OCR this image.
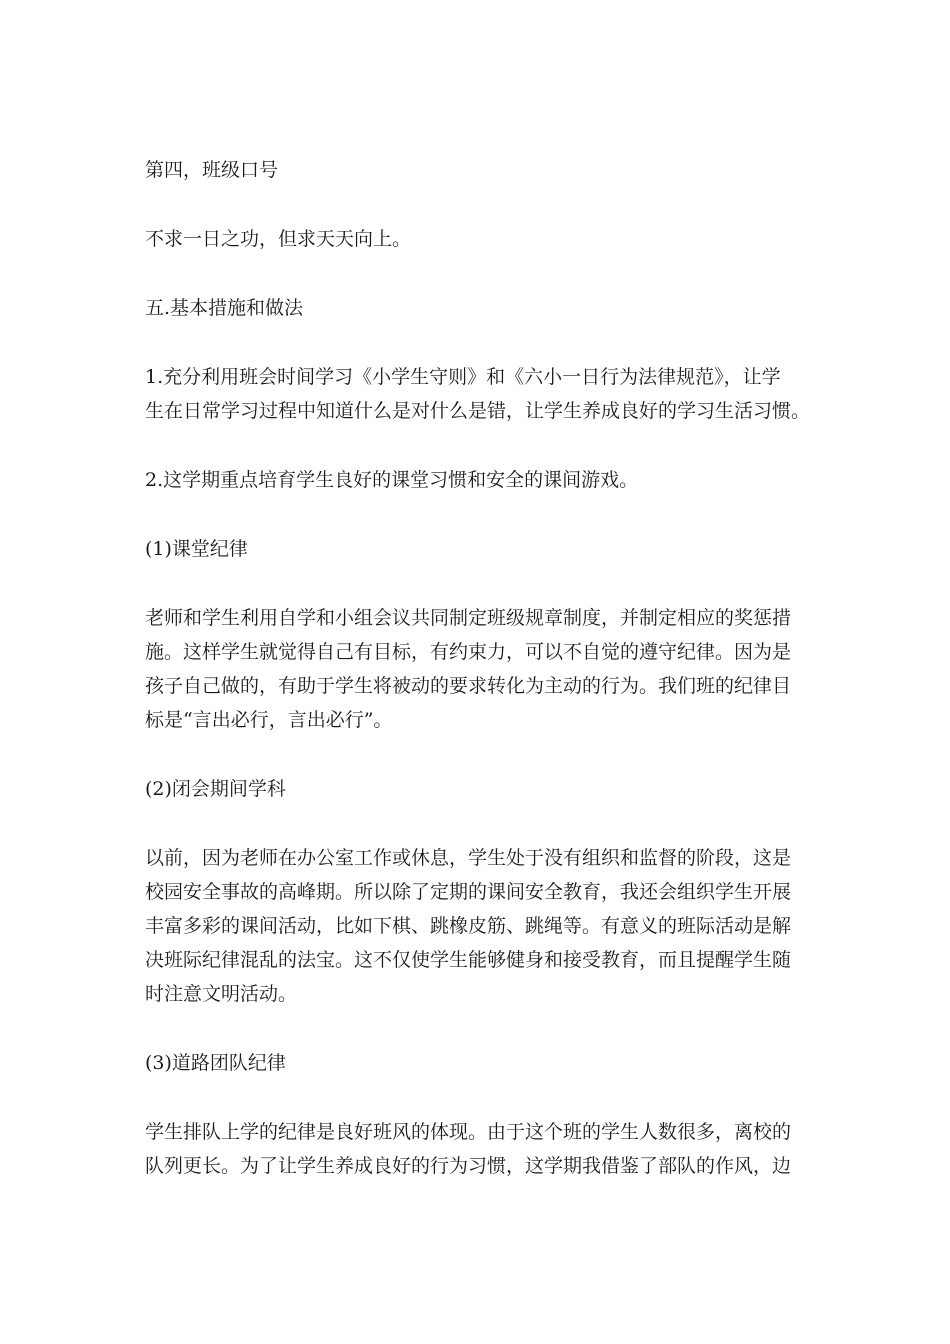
第四，班级口号

不求一日之功，但求天天向上。

五.基本措施和做法

1.充分利用班会时间学习《小学生守则》和《六小一日行为法律规范》，让学
生在日常学习过程中知道什么是对什么是错，让学生养成良好的学习生活习惯。

2.这学期重点培育学生良好的课堂习惯和安全的课间游戏。

(1)课堂纪律

老师和学生利用自学和小组会议共同制定班级规章制度，并制定相应的奖惩措
施。这样学生就觉得自己有目标，有约束力，可以不自觉的遵守纪律。因为是
孩子自己做的，有助于学生将被动的要求转化为主动的行为。我们班的纪律目
标是“言出必行，言出必行”。

(2)闭会期间学科

以前，因为老师在办公室工作或休息，学生处于没有组织和监督的阶段，这是
校园安全事故的高峰期。所以除了定期的课间安全教育，我还会组织学生开展
丰富多彩的课间活动，比如下棋、跳橡皮筋、跳绳等。有意义的班际活动是解
决班际纪律混乱的法宝。这不仅使学生能够健身和接受教育，而且提醒学生随
时注意文明活动。

(3)道路团队纪律

学生排队上学的纪律是良好班风的体现。由于这个班的学生人数很多，离校的
队列更长。为了让学生养成良好的行为习惯，这学期我借鉴了部队的作风，边
